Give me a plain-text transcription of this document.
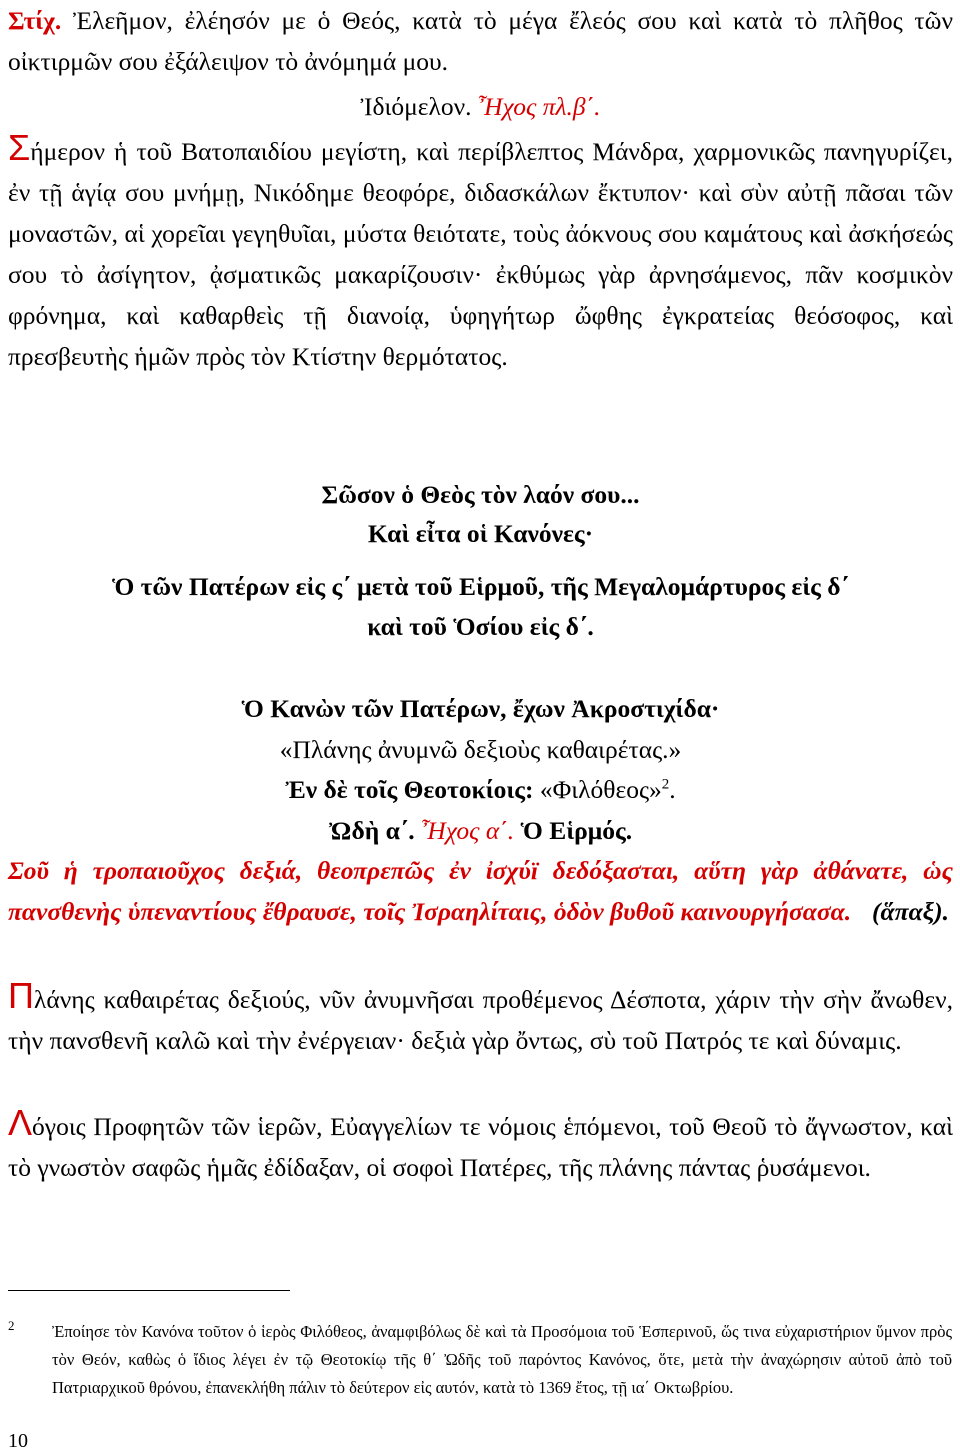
Στίχ. Ἐλεῆμον, ἐλέησόν με ὁ Θεός, κατὰ τὸ μέγα ἔλεός σου καὶ κατὰ τὸ πλῆθος τῶν οἰκτιρμῶν σου ἐξάλειψον τὸ ἀνόμημά μου.
Ἰδιόμελον. Ἦχος πλ.β΄.
Σήμερον ἡ τοῦ Βατοπαιδίου μεγίστη, καὶ περίβλεπτος Μάνδρα, χαρμονικῶς πανηγυρίζει, ἐν τῇ ἁγίᾳ σου μνήμῃ, Νικόδημε θεοφόρε, διδασκάλων ἔκτυπον· καὶ σὺν αὐτῇ πᾶσαι τῶν μοναστῶν, αἱ χορεῖαι γεγηθυῖαι, μύστα θειότατε, τοὺς ἀόκνους σου καμάτους καὶ ἀσκήσεώς σου τὸ ἀσίγητον, ᾀσματικῶς μακαρίζουσιν· ἐκθύμως γὰρ ἀρνησάμενος, πᾶν κοσμικὸν φρόνημα, καὶ καθαρθεὶς τῇ διανοίᾳ, ὑφηγήτωρ ὤφθης ἐγκρατείας θεόσοφος, καὶ πρεσβευτὴς ἡμῶν πρὸς τὸν Κτίστην θερμότατος.
Σῶσον ὁ Θεὸς τὸν λαόν σου...
Καὶ εἶτα οἱ Κανόνες·
Ὁ τῶν Πατέρων εἰς ς΄ μετὰ τοῦ Εἱρμοῦ, τῆς Μεγαλομάρτυρος εἰς δ΄
καὶ τοῦ Ὁσίου εἰς δ΄.
Ὁ Κανὼν τῶν Πατέρων, ἔχων Ἀκροστιχίδα·
«Πλάνης ἀνυμνῶ δεξιοὺς καθαιρέτας.»
Ἐν δὲ τοῖς Θεοτοκίοις: «Φιλόθεος»$^2$.
Ὠδὴ α΄. Ἦχος α΄. Ὁ Εἱρμός.
Σοῦ ἡ τροπαιοῦχος δεξιά, θεοπρεπῶς ἐν ἰσχύϊ δεδόξασται, αὕτη γὰρ ἀθάνατε, ὡς πανσθενὴς ὑπεναντίους ἔθραυσε, τοῖς Ἰσραηλίταις, ὁδὸν βυθοῦ καινουργήσασα. (ἅπαξ).
Πλάνης καθαιρέτας δεξιούς, νῦν ἀνυμνῆσαι προθέμενος Δέσποτα, χάριν τὴν σὴν ἄνωθεν, τὴν πανσθενῆ καλῶ καὶ τὴν ἐνέργειαν· δεξιὰ γὰρ ὄντως, σὺ τοῦ Πατρός τε καὶ δύναμις.
Λόγοις Προφητῶν τῶν ἱερῶν, Εὐαγγελίων τε νόμοις ἑπόμενοι, τοῦ Θεοῦ τὸ ἄγνωστον, καὶ τὸ γνωστὸν σαφῶς ἡμᾶς ἐδίδαξαν, οἱ σοφοὶ Πατέρες, τῆς πλάνης πάντας ῥυσάμενοι.
2 Ἐποίησε τὸν Κανόνα τοῦτον ὁ ἱερὸς Φιλόθεος, ἀναμφιβόλως δὲ καὶ τὰ Προσόμοια τοῦ Ἑσπερινοῦ, ὥς τινα εὐχαριστήριον ὕμνον πρὸς τὸν Θεόν, καθὼς ὁ ἴδιος λέγει ἐν τῷ Θεοτοκίῳ τῆς θ΄ Ὠδῆς τοῦ παρόντος Κανόνος, ὅτε, μετὰ τὴν ἀναχώρησιν αὐτοῦ ἀπὸ τοῦ Πατριαρχικοῦ θρόνου, ἐπανεκλήθη πάλιν τὸ δεύτερον εἰς αυτόν, κατὰ τὸ 1369 ἔτος, τῇ ια΄ Οκτωβρίου.
10
